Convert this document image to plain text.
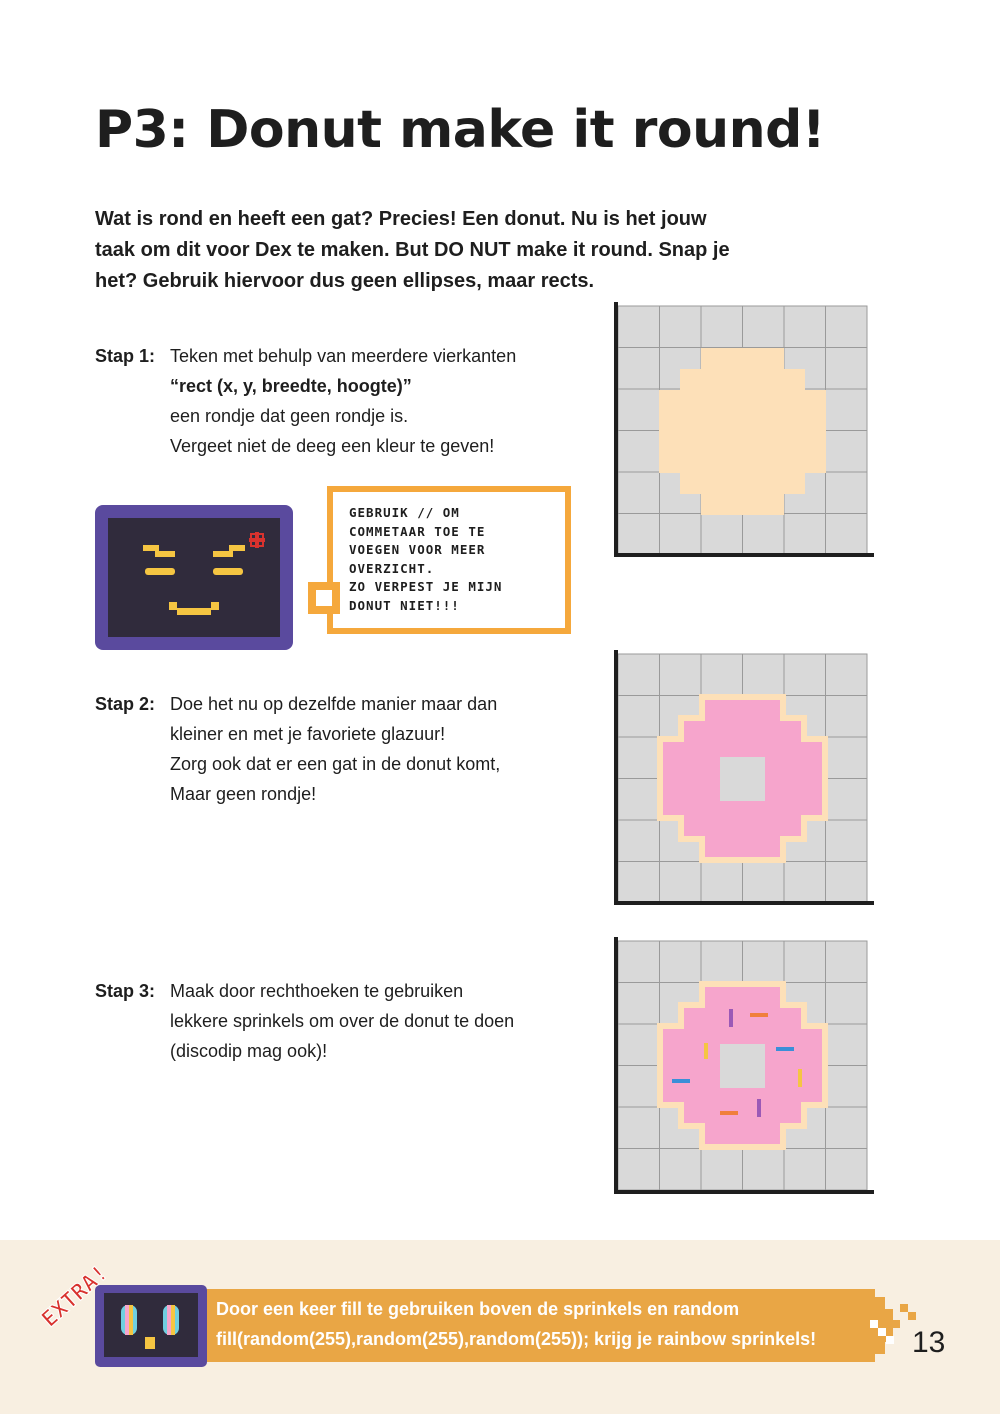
P3: Donut make it round!
Wat is rond en heeft een gat? Precies! Een donut. Nu is het jouw
taak om dit voor Dex te maken. But DO NUT make it round. Snap je
het? Gebruik hiervoor dus geen ellipses, maar rects.
Stap 1: Teken met behulp van meerdere vierkanten
“rect (x, y, breedte, hoogte)”
een rondje dat geen rondje is.
Vergeet niet de deeg een kleur te geven!
Stap 2: Doe het nu op dezelfde manier maar dan
kleiner en met je favoriete glazuur!
Zorg ook dat er een gat in de donut komt,
Maar geen rondje!
Stap 3: Maak door rechthoeken te gebruiken
lekkere sprinkels om over de donut te doen
(discodip mag ook)!
GEBRUIK // OM
COMMETAAR TOE TE
VOEGEN VOOR MEER
OVERZICHT.
ZO VERPEST JE MIJN
DONUT NIET!!!
Door een keer fill te gebruiken boven de sprinkels en random
fill(random(255),random(255),random(255)); krijg je rainbow sprinkels!
EXTRA!
13
